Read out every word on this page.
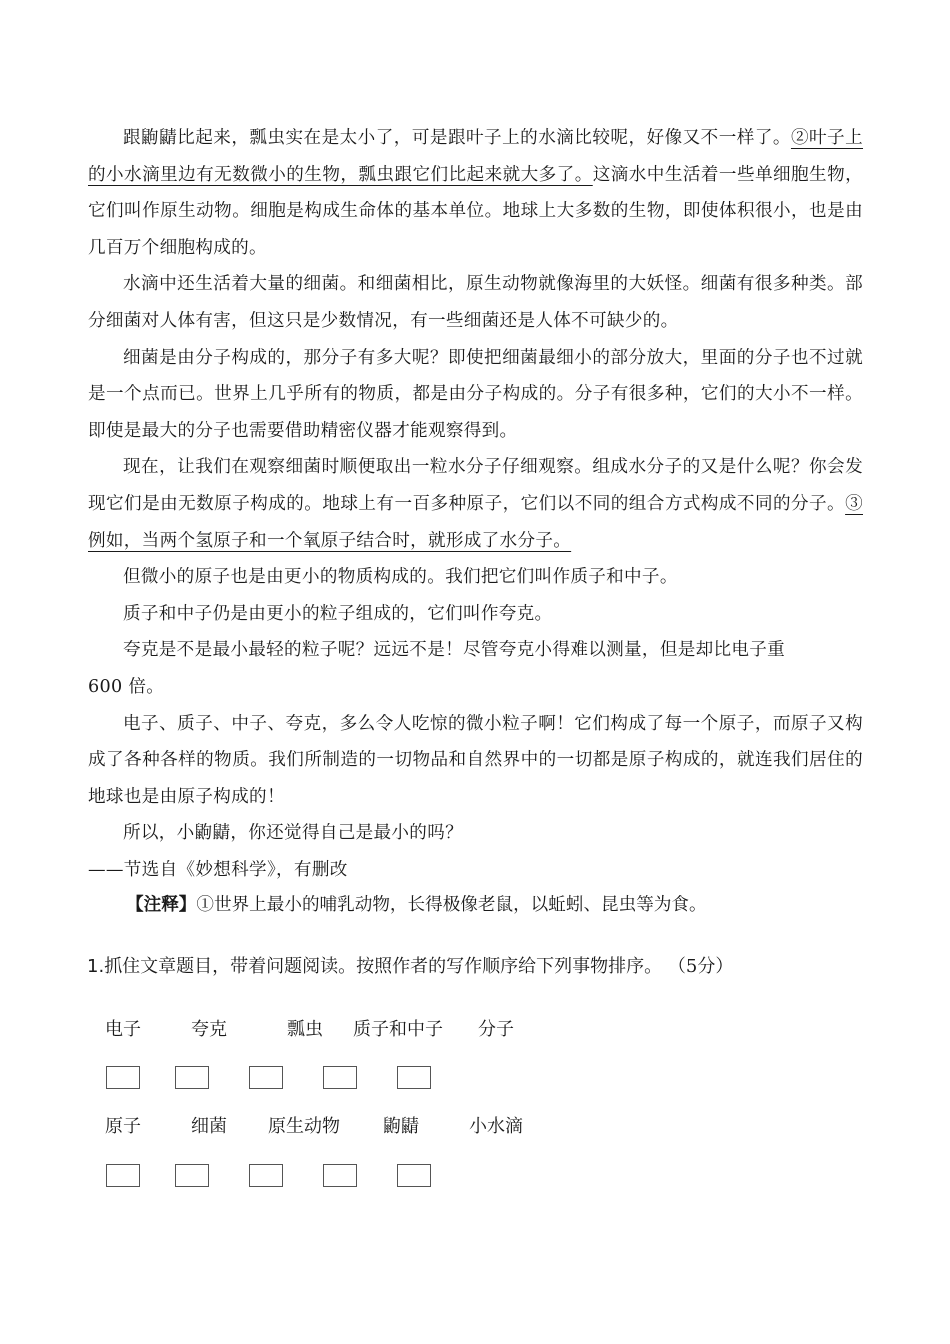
跟鼩鼱比起来，瓢虫实在是太小了，可是跟叶子上的水滴比较呢，好像又不一样了。②叶子上的小水滴里边有无数微小的生物，瓢虫跟它们比起来就大多了。这滴水中生活着一些单细胞生物，它们叫作原生动物。细胞是构成生命体的基本单位。地球上大多数的生物，即使体积很小，也是由几百万个细胞构成的。

水滴中还生活着大量的细菌。和细菌相比，原生动物就像海里的大妖怪。细菌有很多种类。部分细菌对人体有害，但这只是少数情况，有一些细菌还是人体不可缺少的。

细菌是由分子构成的，那分子有多大呢？即使把细菌最细小的部分放大，里面的分子也不过就是一个点而已。世界上几乎所有的物质，都是由分子构成的。分子有很多种，它们的大小不一样。即使是最大的分子也需要借助精密仪器才能观察得到。

现在，让我们在观察细菌时顺便取出一粒水分子仔细观察。组成水分子的又是什么呢？你会发现它们是由无数原子构成的。地球上有一百多种原子，它们以不同的组合方式构成不同的分子。③例如，当两个氢原子和一个氧原子结合时，就形成了水分子。

但微小的原子也是由更小的物质构成的。我们把它们叫作质子和中子。

质子和中子仍是由更小的粒子组成的，它们叫作夸克。

夸克是不是最小最轻的粒子呢？远远不是！尽管夸克小得难以测量，但是却比电子重

600 倍。

电子、质子、中子、夸克，多么令人吃惊的微小粒子啊！它们构成了每一个原子，而原子又构成了各种各样的物质。我们所制造的一切物品和自然界中的一切都是原子构成的，就连我们居住的地球也是由原子构成的！

所以，小鼩鼱，你还觉得自己是最小的吗？

——节选自《妙想科学》，有删改

【注释】①世界上最小的哺乳动物，长得极像老鼠，以蚯蚓、昆虫等为食。
1.抓住文章题目，带着问题阅读。按照作者的写作顺序给下列事物排序。 （5分）
电子	夸克	瓢虫 质子和中子 分子
原子	细菌 原生动物 鼩鼱	小水滴
